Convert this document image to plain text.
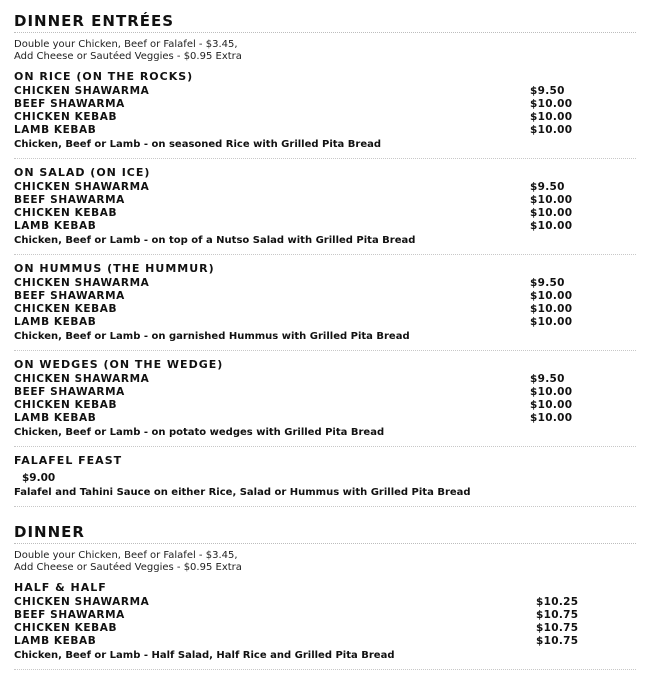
DINNER ENTRÉES
Double your Chicken, Beef or Falafel - $3.45,
Add Cheese or Sautéed Veggies - $0.95 Extra
ON RICE (ON THE ROCKS)
CHICKEN SHAWARMA	$9.50
BEEF SHAWARMA	$10.00
CHICKEN KEBAB	$10.00
LAMB KEBAB	$10.00
Chicken, Beef or Lamb - on seasoned Rice with Grilled Pita Bread
ON SALAD (ON ICE)
CHICKEN SHAWARMA	$9.50
BEEF SHAWARMA	$10.00
CHICKEN KEBAB	$10.00
LAMB KEBAB	$10.00
Chicken, Beef or Lamb - on top of a Nutso Salad with Grilled Pita Bread
ON HUMMUS (THE HUMMUR)
CHICKEN SHAWARMA	$9.50
BEEF SHAWARMA	$10.00
CHICKEN KEBAB	$10.00
LAMB KEBAB	$10.00
Chicken, Beef or Lamb - on garnished Hummus with Grilled Pita Bread
ON WEDGES (ON THE WEDGE)
CHICKEN SHAWARMA	$9.50
BEEF SHAWARMA	$10.00
CHICKEN KEBAB	$10.00
LAMB KEBAB	$10.00
Chicken, Beef or Lamb - on potato wedges with Grilled Pita Bread
FALAFEL FEAST
$9.00
Falafel and Tahini Sauce on either Rice, Salad or Hummus with Grilled Pita Bread
DINNER
Double your Chicken, Beef or Falafel - $3.45,
Add Cheese or Sautéed Veggies - $0.95 Extra
HALF & HALF
CHICKEN SHAWARMA	$10.25
BEEF SHAWARMA	$10.75
CHICKEN KEBAB	$10.75
LAMB KEBAB	$10.75
Chicken, Beef or Lamb - Half Salad, Half Rice and Grilled Pita Bread
